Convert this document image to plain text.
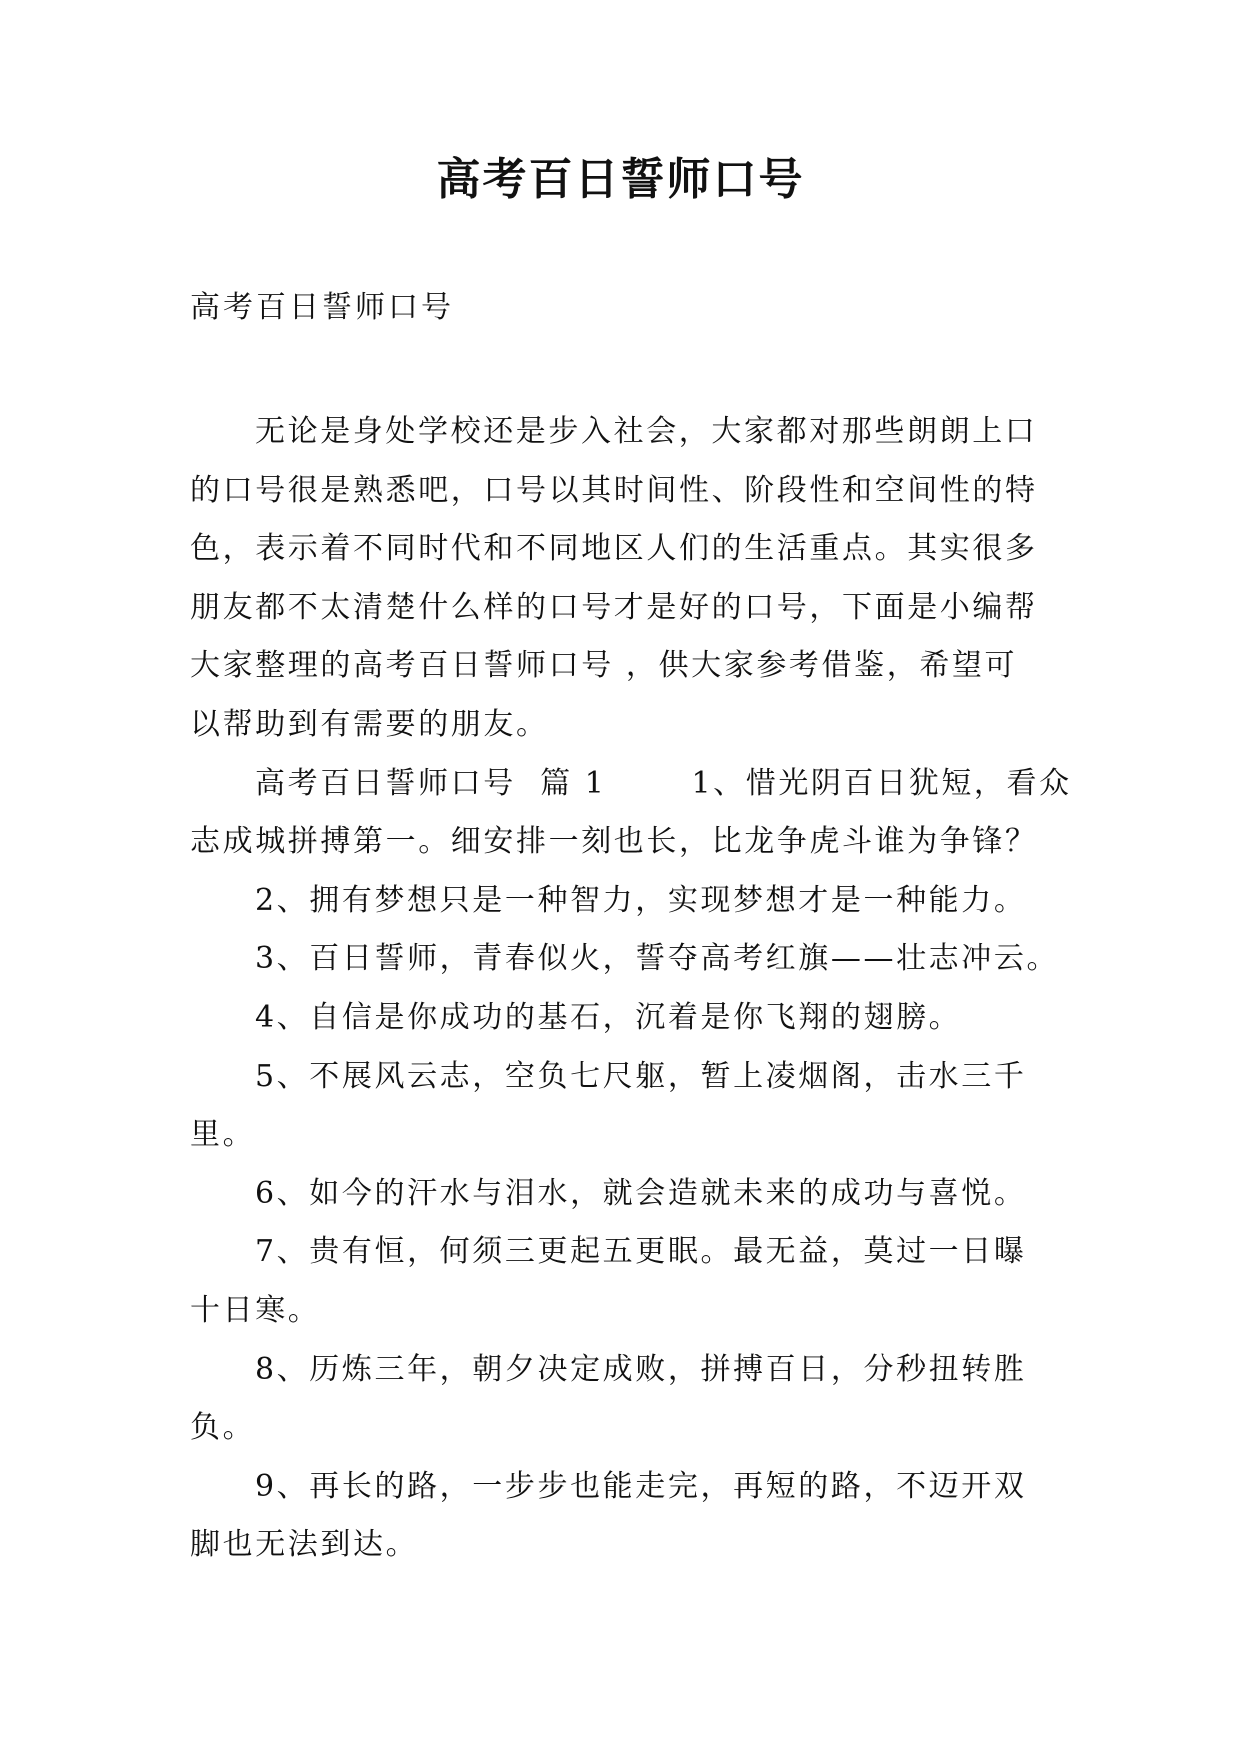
高考百日誓师口号
高考百日誓师口号
无论是身处学校还是步入社会，大家都对那些朗朗上口
的口号很是熟悉吧，口号以其时间性、阶段性和空间性的特
色，表示着不同时代和不同地区人们的生活重点。其实很多
朋友都不太清楚什么样的口号才是好的口号，下面是小编帮
大家整理的高考百日誓师口号 ，供大家参考借鉴，希望可
以帮助到有需要的朋友。
高考百日誓师口号  篇 1       1、惜光阴百日犹短，看众
志成城拼搏第一。细安排一刻也长，比龙争虎斗谁为争锋？
2、拥有梦想只是一种智力，实现梦想才是一种能力。
3、百日誓师，青春似火，誓夺高考红旗——壮志冲云。
4、自信是你成功的基石，沉着是你飞翔的翅膀。
5、不展风云志，空负七尺躯，暂上凌烟阁，击水三千
里。
6、如今的汗水与泪水，就会造就未来的成功与喜悦。
7、贵有恒，何须三更起五更眠。最无益，莫过一日曝
十日寒。
8、历炼三年，朝夕决定成败，拼搏百日，分秒扭转胜
负。
9、再长的路，一步步也能走完，再短的路，不迈开双
脚也无法到达。
